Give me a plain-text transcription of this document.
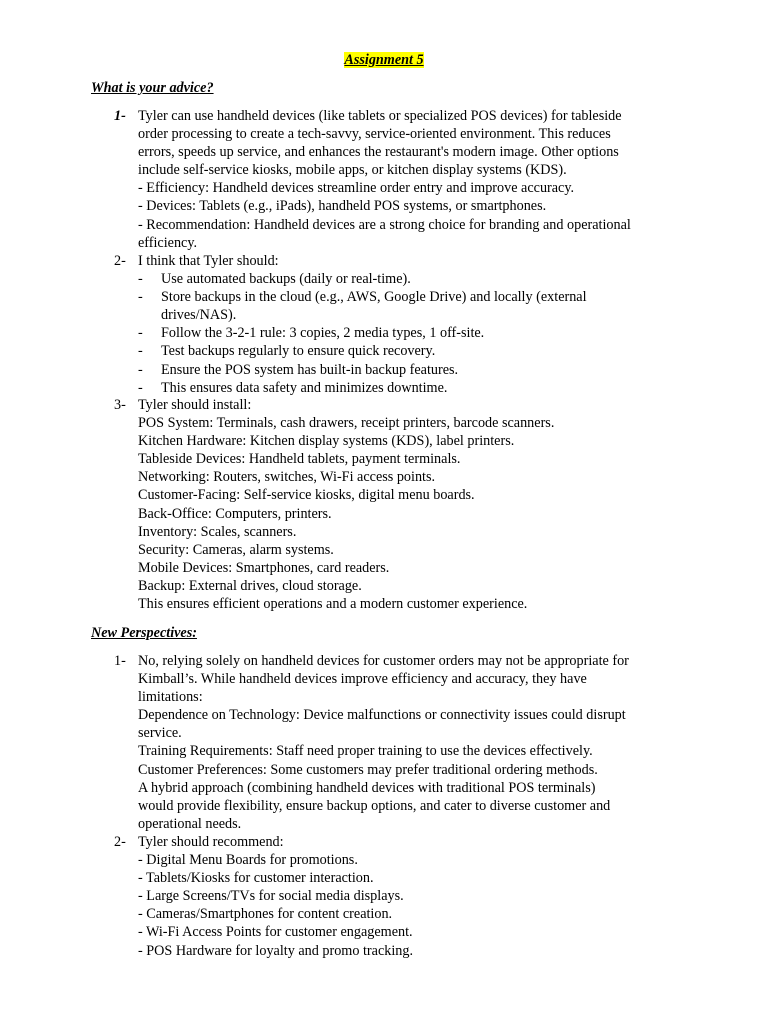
Assignment 5
What is your advice?
1- Tyler can use handheld devices (like tablets or specialized POS devices) for tableside
order processing to create a tech-savvy, service-oriented environment. This reduces
errors, speeds up service, and enhances the restaurant's modern image. Other options
include self-service kiosks, mobile apps, or kitchen display systems (KDS).
- Efficiency: Handheld devices streamline order entry and improve accuracy.
- Devices: Tablets (e.g., iPads), handheld POS systems, or smartphones.
- Recommendation: Handheld devices are a strong choice for branding and operational
efficiency.
2- I think that Tyler should:
- Use automated backups (daily or real-time).
- Store backups in the cloud (e.g., AWS, Google Drive) and locally (external
drives/NAS).
- Follow the 3-2-1 rule: 3 copies, 2 media types, 1 off-site.
- Test backups regularly to ensure quick recovery.
- Ensure the POS system has built-in backup features.
- This ensures data safety and minimizes downtime.
3- Tyler should install:
POS System: Terminals, cash drawers, receipt printers, barcode scanners.
Kitchen Hardware: Kitchen display systems (KDS), label printers.
Tableside Devices: Handheld tablets, payment terminals.
Networking: Routers, switches, Wi-Fi access points.
Customer-Facing: Self-service kiosks, digital menu boards.
Back-Office: Computers, printers.
Inventory: Scales, scanners.
Security: Cameras, alarm systems.
Mobile Devices: Smartphones, card readers.
Backup: External drives, cloud storage.
This ensures efficient operations and a modern customer experience.
New Perspectives:
1- No, relying solely on handheld devices for customer orders may not be appropriate for
Kimball’s. While handheld devices improve efficiency and accuracy, they have
limitations:
Dependence on Technology: Device malfunctions or connectivity issues could disrupt
service.
Training Requirements: Staff need proper training to use the devices effectively.
Customer Preferences: Some customers may prefer traditional ordering methods.
A hybrid approach (combining handheld devices with traditional POS terminals)
would provide flexibility, ensure backup options, and cater to diverse customer and
operational needs.
2- Tyler should recommend:
- Digital Menu Boards for promotions.
- Tablets/Kiosks for customer interaction.
- Large Screens/TVs for social media displays.
- Cameras/Smartphones for content creation.
- Wi-Fi Access Points for customer engagement.
- POS Hardware for loyalty and promo tracking.
